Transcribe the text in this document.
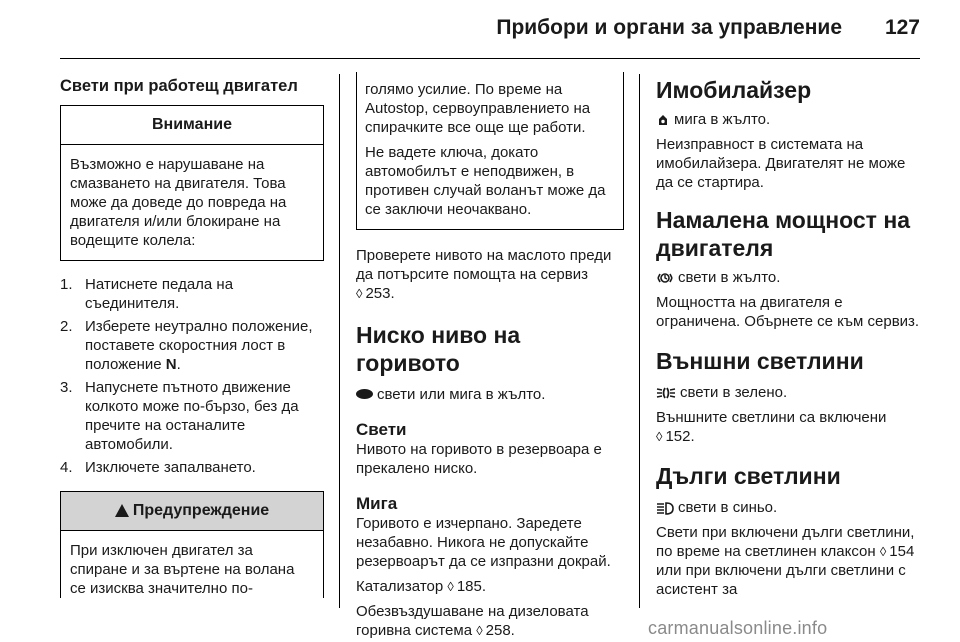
Прибори и органи за управление 127
Свети при работещ двигател
Внимание

Възможно е нарушаване на смазването на двигателя. Това може да доведе до повреда на двигателя и/или блокиране на водещите колела:

1. Натиснете педала на съединителя.
2. Изберете неутрално положение, поставете скоростния лост в положение N.
3. Напуснете пътното движение колкото може по-бързо, без да пречите на останалите автомобили.
4. Изключете запалването.
Предупреждение

При изключен двигател за спиране и за въртене на волана се изисква значително по-

голямо усилие. По време на Autostop, сервоуправлението на спирачките все още ще работи.

Не вадете ключа, докато автомобилът е неподвижен, в противен случай воланът може да се заключи неочаквано.

Проверете нивото на маслото преди да потърсите помощта на сервиз ◊ 253.

Ниско ниво на горивото

свети или мига в жълто.

Свети

Нивото на горивото в резервоара е прекалено ниско.

Мига

Горивото е изчерпано. Заредете незабавно. Никога не допускайте резервоарът да се изпразни докрай.

Катализатор ◊ 185.

Обезвъздушаване на дизеловата горивна система ◊ 258.

Имобилайзер

мига в жълто.

Неизправност в системата на имобилайзера. Двигателят не може да се стартира.

Намалена мощност на двигателя

свети в жълто.

Мощността на двигателя е ограничена. Обърнете се към сервиз.

Външни светлини

свети в зелено.

Външните светлини са включени
◊ 152.

Дълги светлини

свети в синьо.

Свети при включени дълги светлини, по време на светлинен клаксон ◊ 154 или при включени дълги светлини с асистент за

carmanualsonline.info
